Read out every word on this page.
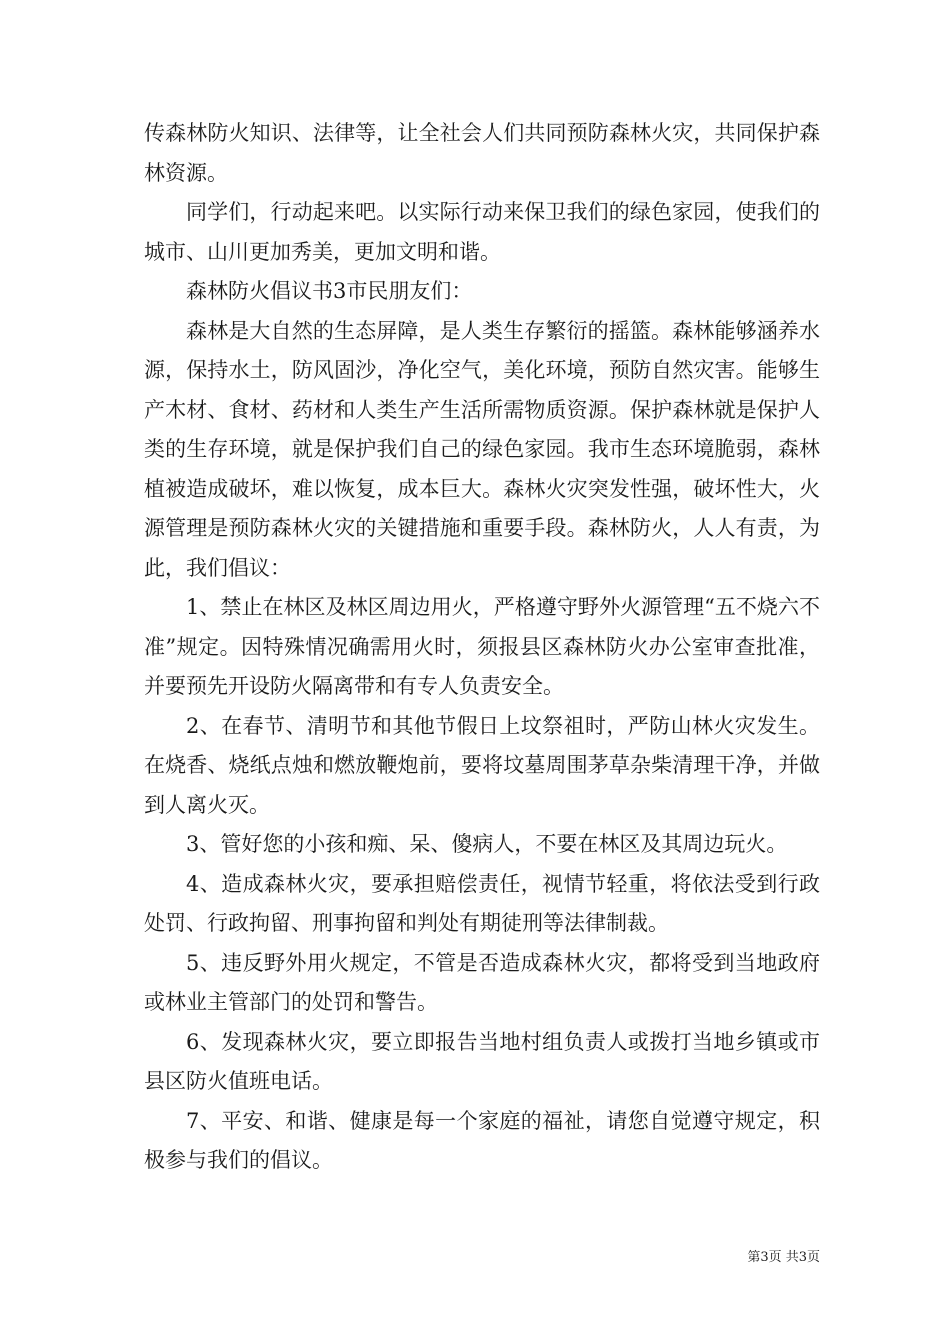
传森林防火知识、法律等，让全社会人们共同预防森林火灾，共同保护森林资源。

同学们，行动起来吧。以实际行动来保卫我们的绿色家园，使我们的城市、山川更加秀美，更加文明和谐。

森林防火倡议书3市民朋友们：

森林是大自然的生态屏障，是人类生存繁衍的摇篮。森林能够涵养水源，保持水土，防风固沙，净化空气，美化环境，预防自然灾害。能够生产木材、食材、药材和人类生产生活所需物质资源。保护森林就是保护人类的生存环境，就是保护我们自己的绿色家园。我市生态环境脆弱，森林植被造成破坏，难以恢复，成本巨大。森林火灾突发性强，破坏性大，火源管理是预防森林火灾的关键措施和重要手段。森林防火，人人有责，为此，我们倡议：

1、禁止在林区及林区周边用火，严格遵守野外火源管理“五不烧六不准”规定。因特殊情况确需用火时，须报县区森林防火办公室审查批准，并要预先开设防火隔离带和有专人负责安全。

2、在春节、清明节和其他节假日上坟祭祖时，严防山林火灾发生。在烧香、烧纸点烛和燃放鞭炮前，要将坟墓周围茅草杂柴清理干净，并做到人离火灭。

3、管好您的小孩和痴、呆、傻病人，不要在林区及其周边玩火。

4、造成森林火灾，要承担赔偿责任，视情节轻重，将依法受到行政处罚、行政拘留、刑事拘留和判处有期徒刑等法律制裁。

5、违反野外用火规定，不管是否造成森林火灾，都将受到当地政府或林业主管部门的处罚和警告。

6、发现森林火灾，要立即报告当地村组负责人或拨打当地乡镇或市县区防火值班电话。

7、平安、和谐、健康是每一个家庭的福祉，请您自觉遵守规定，积极参与我们的倡议。

第3页 共3页
